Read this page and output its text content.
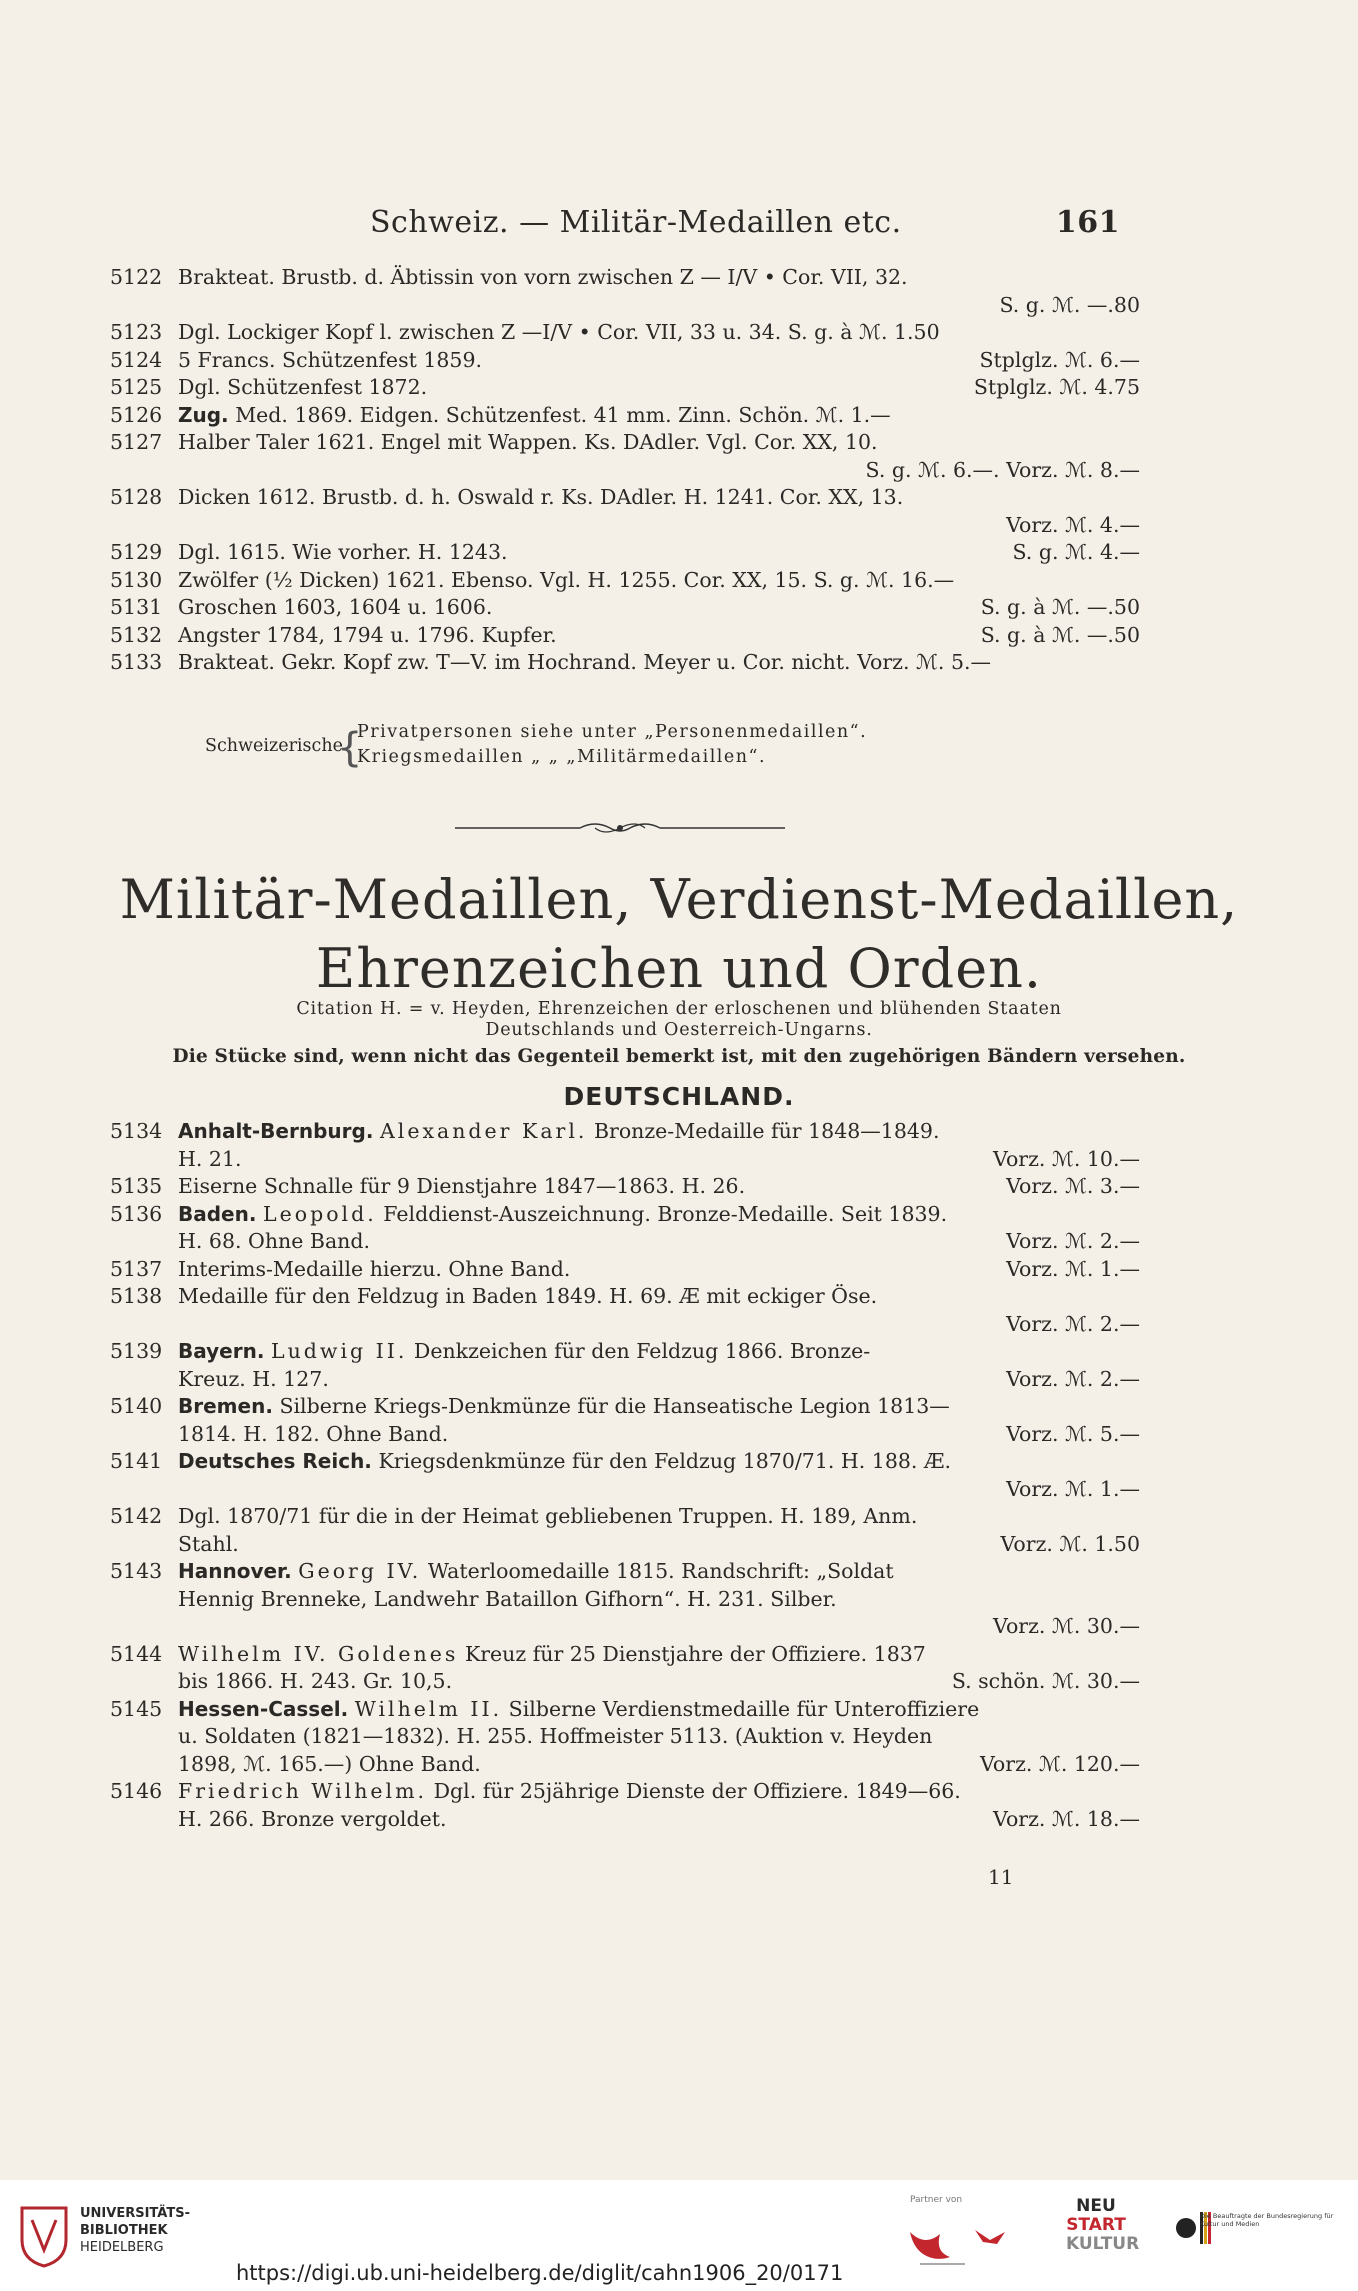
Schweiz. — Militär-Medaillen etc.	161
5122 Brakteat. Brustb. d. Äbtissin von vorn zwischen Z — I/V • Cor. VII, 32.
S. g. ℳ. —.80
5123 Dgl. Lockiger Kopf l. zwischen Z —I/V • Cor. VII, 33 u. 34. S. g. à ℳ. 1.50
5124 5 Francs. Schützenfest 1859.	Stplglz. ℳ. 6.—
5125 Dgl. Schützenfest 1872.	Stplglz. ℳ. 4.75
5126 Zug. Med. 1869. Eidgen. Schützenfest. 41 mm. Zinn. Schön. ℳ. 1.—
5127 Halber Taler 1621. Engel mit Wappen. Ks. DAdler. Vgl. Cor. XX, 10.
S. g. ℳ. 6.—. Vorz. ℳ. 8.—
5128 Dicken 1612. Brustb. d. h. Oswald r. Ks. DAdler. H. 1241. Cor. XX, 13.
Vorz. ℳ. 4.—
5129 Dgl. 1615. Wie vorher. H. 1243.	S. g. ℳ. 4.—
5130 Zwölfer (½ Dicken) 1621. Ebenso. Vgl. H. 1255. Cor. XX, 15. S. g. ℳ. 16.—
5131 Groschen 1603, 1604 u. 1606.	S. g. à ℳ. —.50
5132 Angster 1784, 1794 u. 1796. Kupfer.	S. g. à ℳ. —.50
5133 Brakteat. Gekr. Kopf zw. T—V. im Hochrand. Meyer u. Cor. nicht. Vorz. ℳ. 5.—
Schweizerische
{
Privatpersonen siehe unter „Personenmedaillen“.
Kriegsmedaillen „ „ „Militärmedaillen“.
Militär-Medaillen, Verdienst-Medaillen,
Ehrenzeichen und Orden.
Citation H. = v. Heyden, Ehrenzeichen der erloschenen und blühenden Staaten
Deutschlands und Oesterreich-Ungarns.
Die Stücke sind, wenn nicht das Gegenteil bemerkt ist, mit den zugehörigen Bändern versehen.
DEUTSCHLAND.
5134 Anhalt-Bernburg. Alexander Karl. Bronze-Medaille für 1848—1849.
H. 21.	Vorz. ℳ. 10.—
5135 Eiserne Schnalle für 9 Dienstjahre 1847—1863. H. 26.	Vorz. ℳ. 3.—
5136 Baden. Leopold. Felddienst-Auszeichnung. Bronze-Medaille. Seit 1839.
H. 68. Ohne Band.	Vorz. ℳ. 2.—
5137 Interims-Medaille hierzu. Ohne Band.	Vorz. ℳ. 1.—
5138 Medaille für den Feldzug in Baden 1849. H. 69. Æ mit eckiger Öse.
Vorz. ℳ. 2.—
5139 Bayern. Ludwig II. Denkzeichen für den Feldzug 1866. Bronze-
Kreuz. H. 127.	Vorz. ℳ. 2.—
5140 Bremen. Silberne Kriegs-Denkmünze für die Hanseatische Legion 1813—
1814. H. 182. Ohne Band.	Vorz. ℳ. 5.—
5141 Deutsches Reich. Kriegsdenkmünze für den Feldzug 1870/71. H. 188. Æ.
Vorz. ℳ. 1.—
5142 Dgl. 1870/71 für die in der Heimat gebliebenen Truppen. H. 189, Anm.
Stahl.	Vorz. ℳ. 1.50
5143 Hannover. Georg IV. Waterloomedaille 1815. Randschrift: „Soldat
Hennig Brenneke, Landwehr Bataillon Gifhorn“. H. 231. Silber.
Vorz. ℳ. 30.—
5144 Wilhelm IV. Goldenes Kreuz für 25 Dienstjahre der Offiziere. 1837
bis 1866. H. 243. Gr. 10,5.	S. schön. ℳ. 30.—
5145 Hessen-Cassel. Wilhelm II. Silberne Verdienstmedaille für Unteroffiziere
u. Soldaten (1821—1832). H. 255. Hoffmeister 5113. (Auktion v. Heyden
1898, ℳ. 165.—) Ohne Band.	Vorz. ℳ. 120.—
5146 Friedrich Wilhelm. Dgl. für 25jährige Dienste der Offiziere. 1849—66.
H. 266. Bronze vergoldet.	Vorz. ℳ. 18.—
11
UNIVERSITÄTS-
BIBLIOTHEK
HEIDELBERG
https://digi.ub.uni-heidelberg.de/diglit/cahn1906_20/0171
Partner von	NEU
START
KULTUR
Die Beauftragte der Bundesregierung für Kultur und Medien
